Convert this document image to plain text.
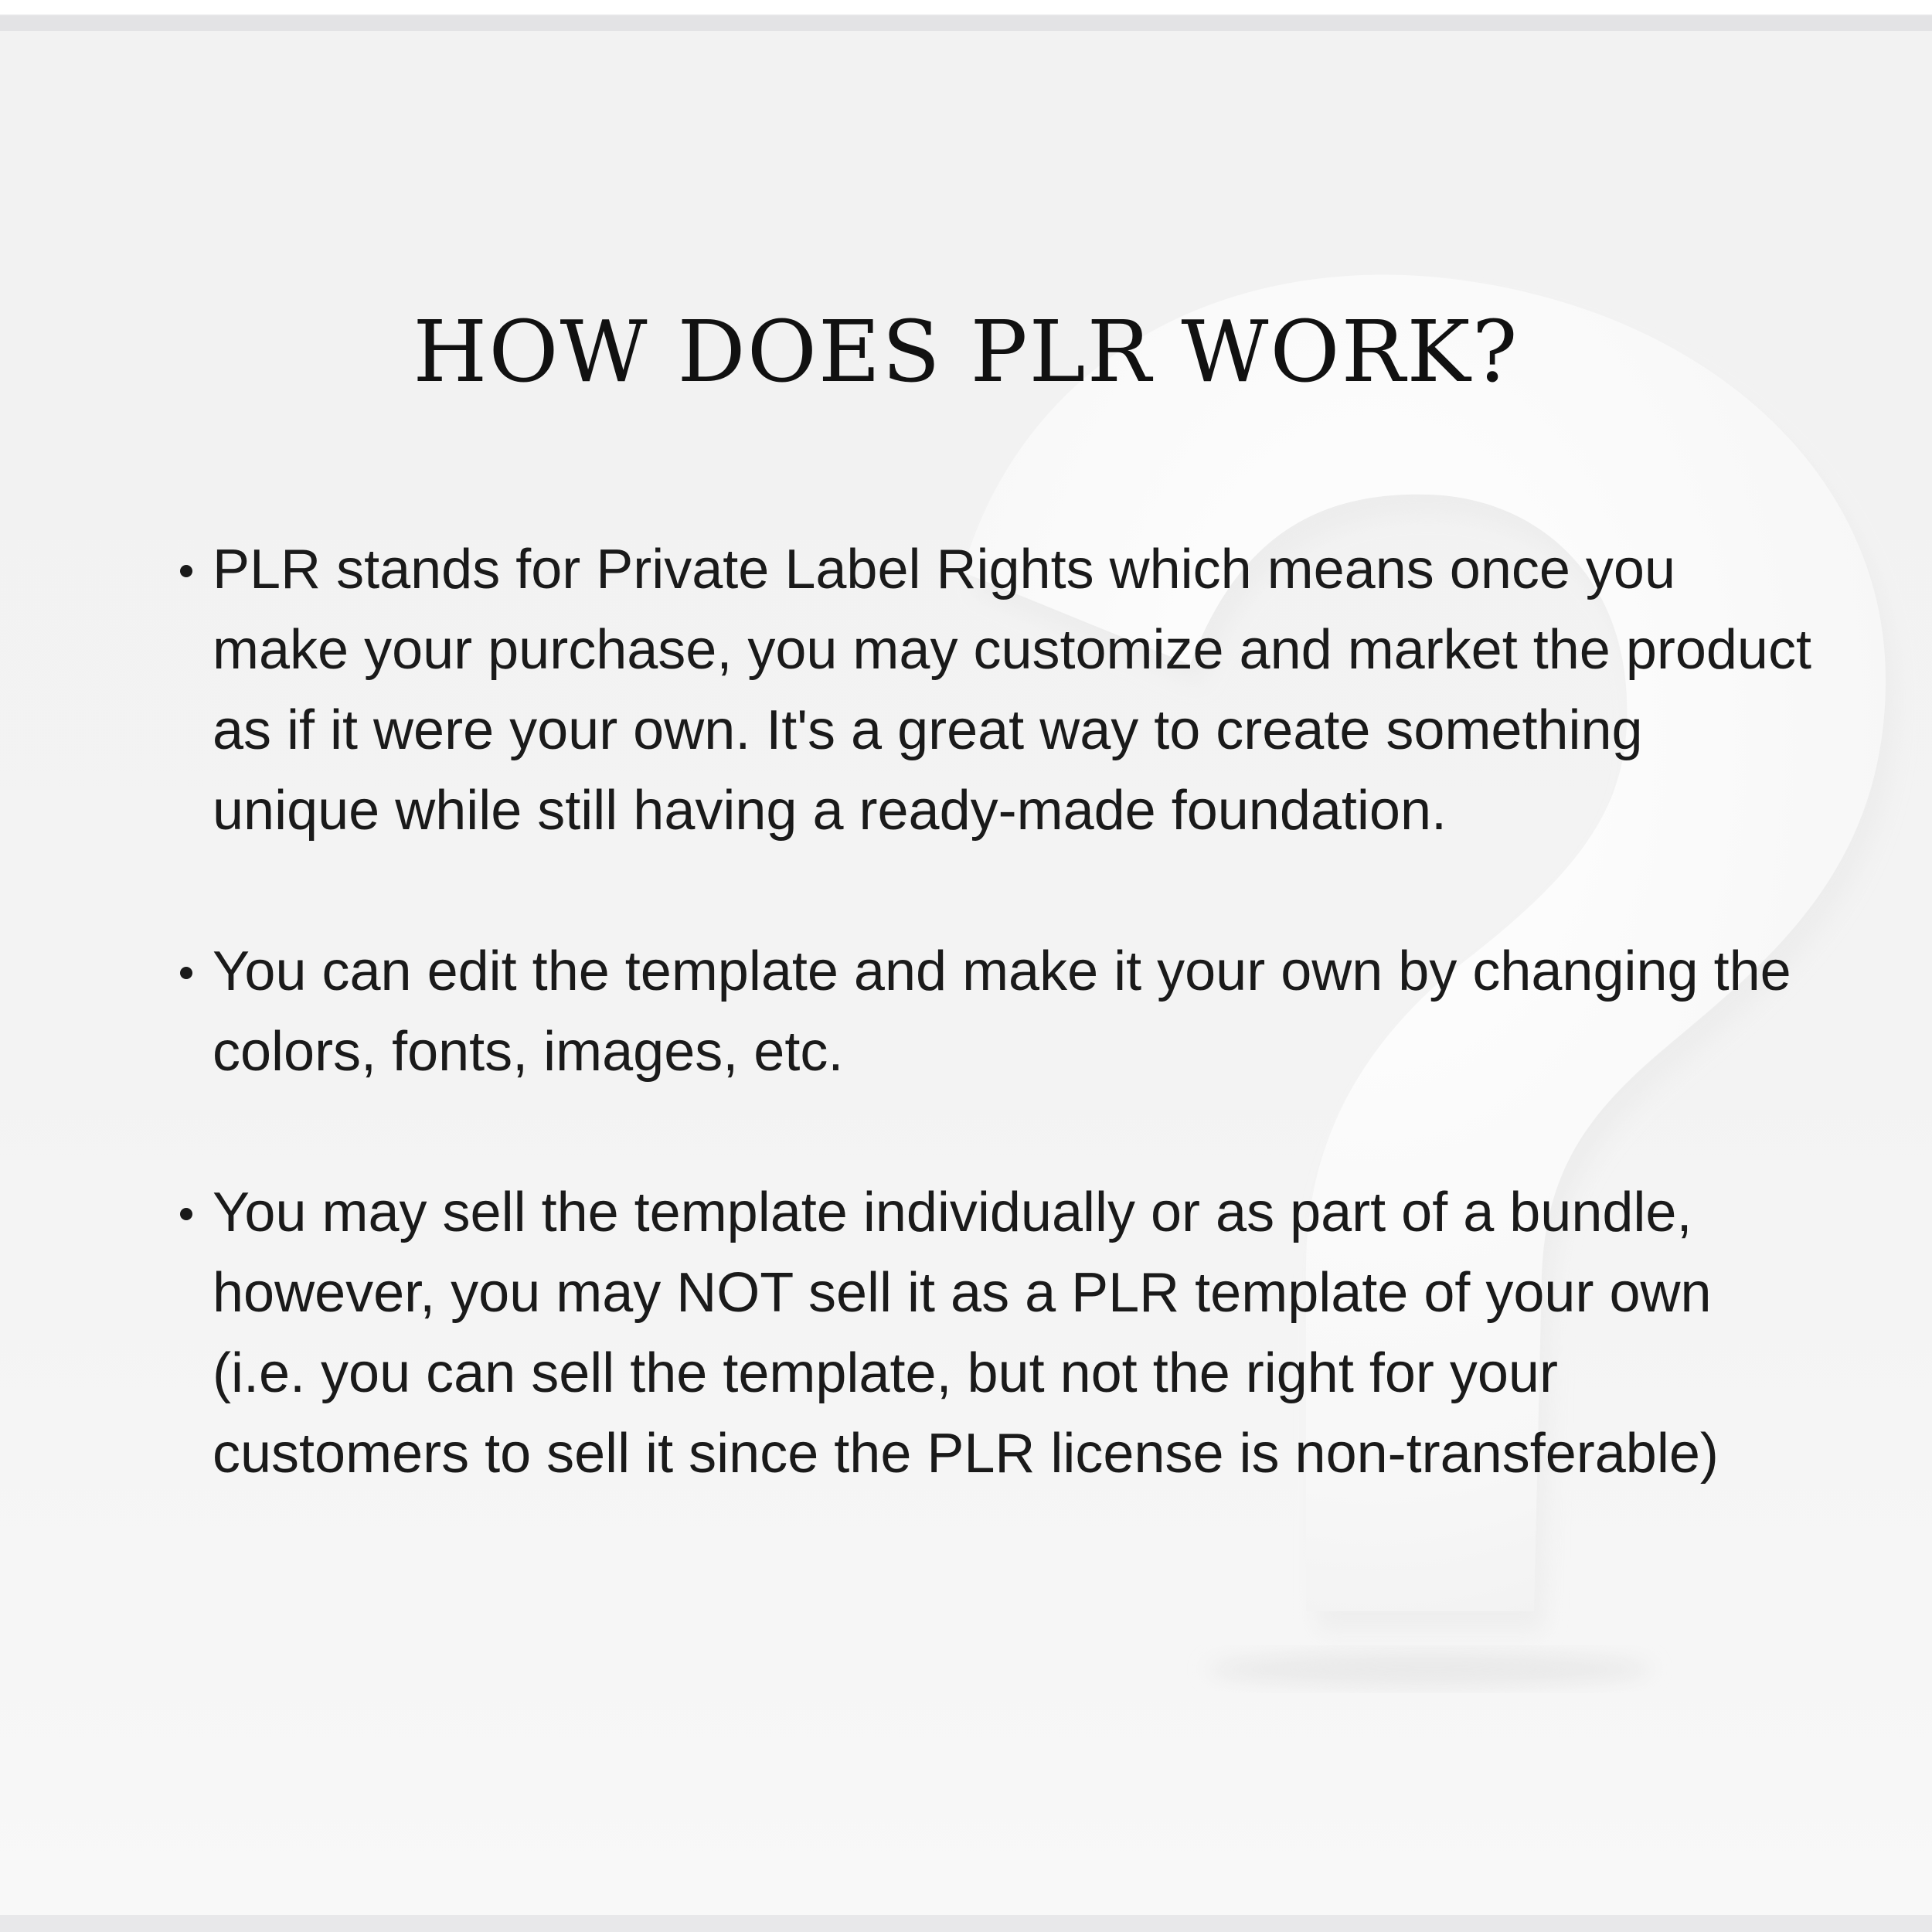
HOW DOES PLR WORK?
PLR stands for Private Label Rights which means once you make your purchase, you may customize and market the product as if it were your own. It's a great way to create something unique while still having a ready-made foundation.
You can edit the template and make it your own by changing the colors, fonts, images, etc.
You may sell the template individually or as part of a bundle, however, you may NOT sell it as a PLR template of your own (i.e. you can sell the template, but not the right for your customers to sell it since the PLR license is non-transferable)
